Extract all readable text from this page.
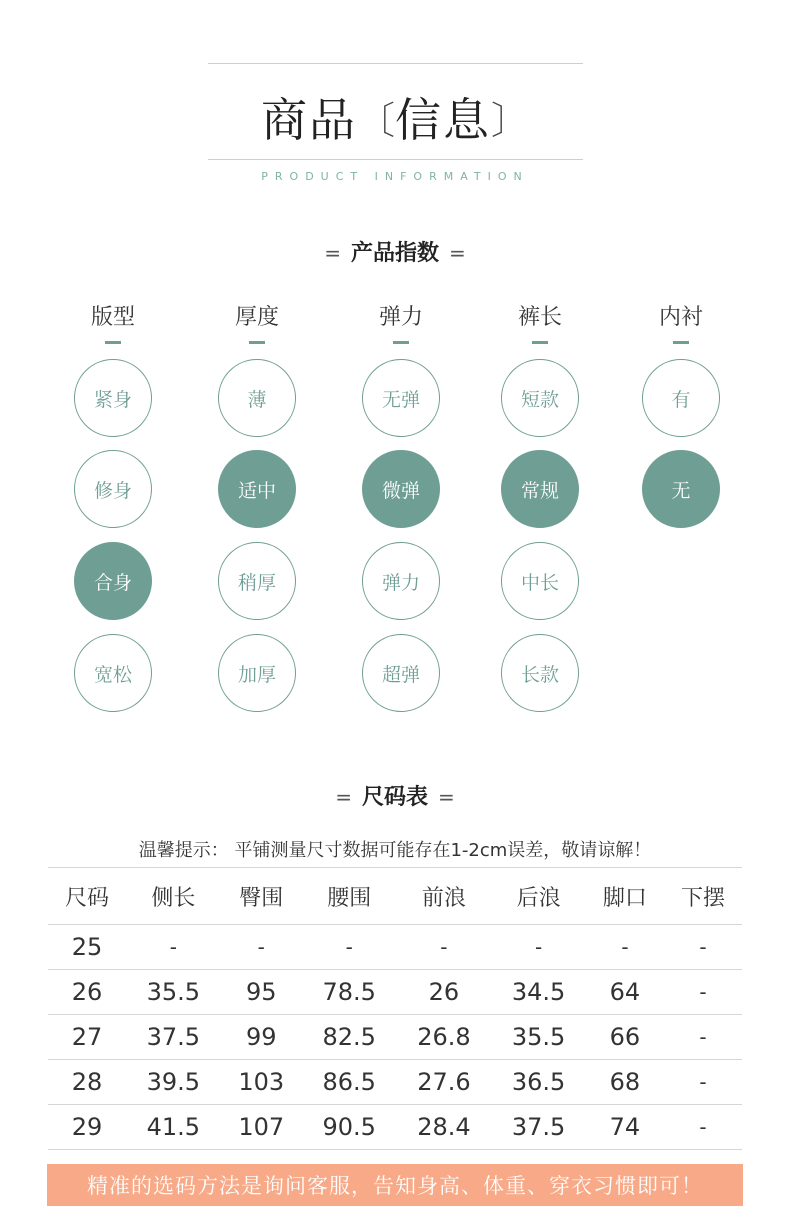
商品〔信息〕
PRODUCT INFORMATION
= 产品指数 =
版型
紧身
修身
合身
宽松
厚度
薄
适中
稍厚
加厚
弹力
无弹
微弹
弹力
超弹
裤长
短款
常规
中长
长款
内衬
有
无
= 尺码表 =
温馨提示： 平铺测量尺寸数据可能存在1-2cm误差，敬请谅解！
尺码	侧长	臀围	腰围	前浪	后浪	脚口	下摆
25	-	-	-	-	-	-	-
26	35.5	95	78.5	26	34.5	64	-
27	37.5	99	82.5	26.8	35.5	66	-
28	39.5	103	86.5	27.6	36.5	68	-
29	41.5	107	90.5	28.4	37.5	74	-
精准的选码方法是询问客服，告知身高、体重、穿衣习惯即可！
